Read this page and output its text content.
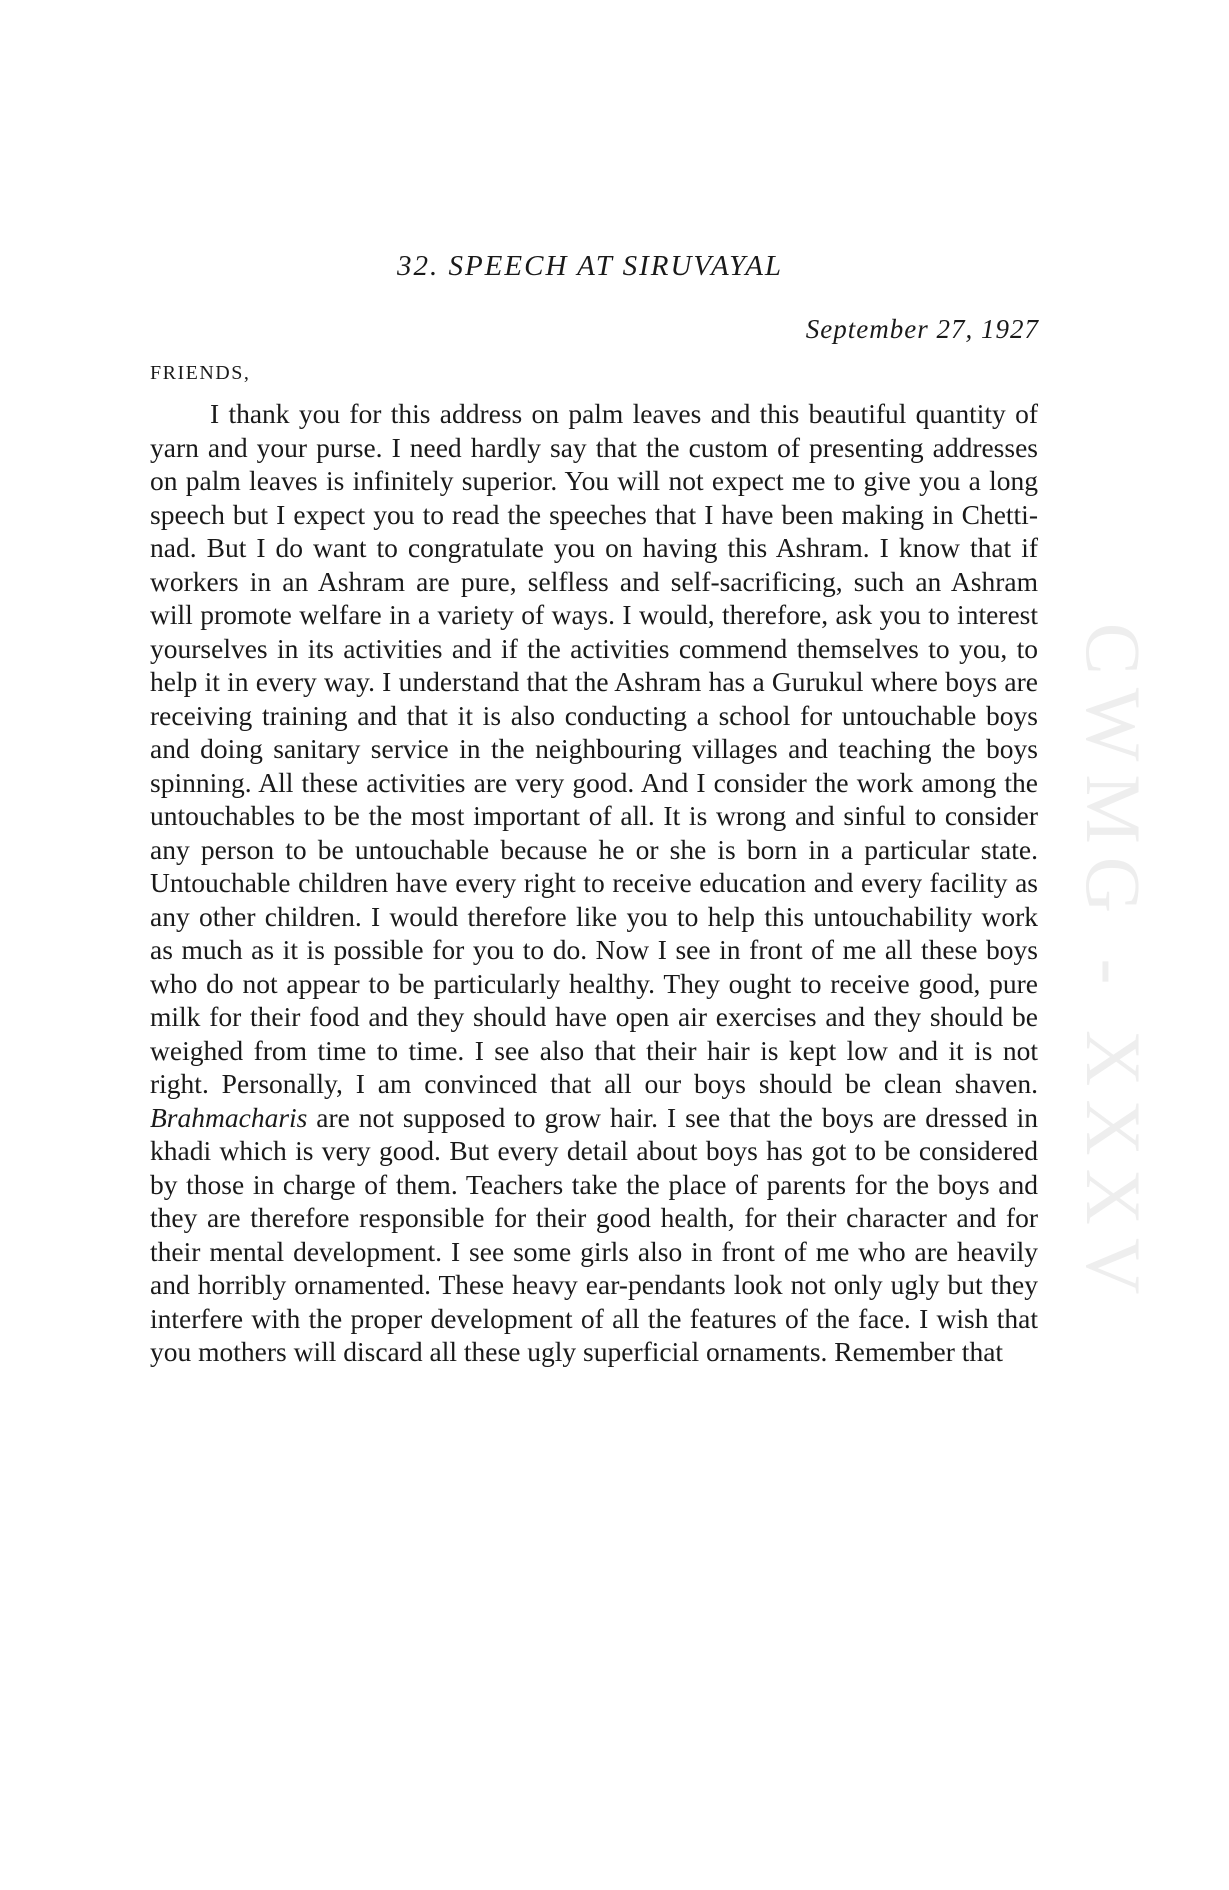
CWMG - XXXV
32. SPEECH AT SIRUVAYAL
September 27, 1927
FRIENDS,

I thank you for this address on palm leaves and this beautiful quantity of yarn and your purse. I need hardly say that the custom of presenting addresses on palm leaves is infinitely superior. You will not expect me to give you a long speech but I expect you to read the speeches that I have been making in Chettinad. But I do want to congratulate you on having this Ashram. I know that if workers in an Ashram are pure, selfless and self-sacrificing, such an Ashram will promote welfare in a variety of ways. I would, therefore, ask you to interest yourselves in its activities and if the activities commend themselves to you, to help it in every way. I understand that the Ashram has a Gurukul where boys are receiving training and that it is also conducting a school for untouchable boys and doing sanitary service in the neighbouring villages and teaching the boys spinning. All these activities are very good. And I consider the work among the untouchables to be the most important of all. It is wrong and sinful to consider any person to be untouchable because he or she is born in a particular state. Untouchable children have every right to receive education and every facility as any other children. I would therefore like you to help this untouchability work as much as it is possible for you to do. Now I see in front of me all these boys who do not appear to be particularly healthy. They ought to receive good, pure milk for their food and they should have open air exercises and they should be weighed from time to time. I see also that their hair is kept low and it is not right. Personally, I am convinced that all our boys should be clean shaven. Brahmacharis are not supposed to grow hair. I see that the boys are dressed in khadi which is very good. But every detail about boys has got to be considered by those in charge of them. Teachers take the place of parents for the boys and they are therefore responsible for their good health, for their character and for their mental development. I see some girls also in front of me who are heavily and horribly ornamented. These heavy ear-pendants look not only ugly but they interfere with the proper development of all the features of the face. I wish that you mothers will discard all these ugly superficial ornaments. Remember that
